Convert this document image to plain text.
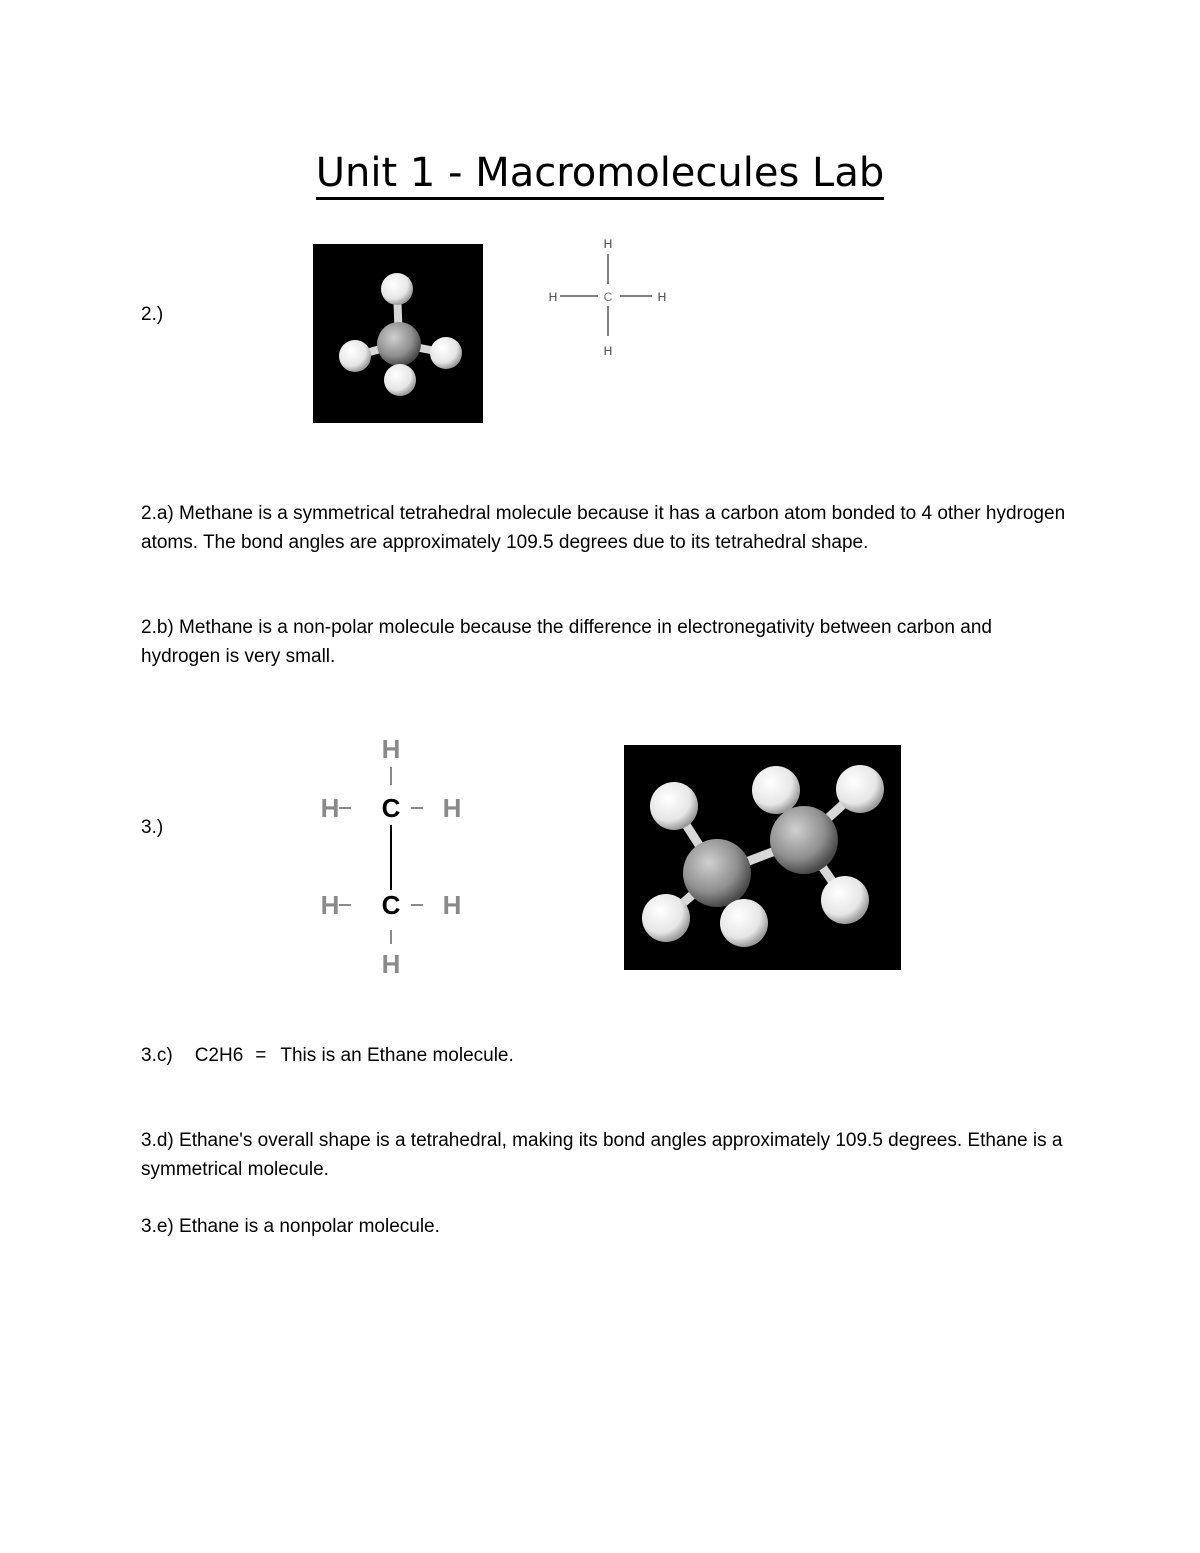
Unit 1 - Macromolecules Lab
2.)
H
H	C	H
H

2.a) Methane is a symmetrical tetrahedral molecule because it has a carbon atom bonded to 4 other hydrogen atoms. The bond angles are approximately 109.5 degrees due to its tetrahedral shape.

2.b) Methane is a non-polar molecule because the difference in electronegativity between carbon and hydrogen is very small.

3.)
H
H C H
H C H
H
3.c) C2H6 = This is an Ethane molecule.

3.d) Ethane's overall shape is a tetrahedral, making its bond angles approximately 109.5 degrees. Ethane is a symmetrical molecule.

3.e) Ethane is a nonpolar molecule.
